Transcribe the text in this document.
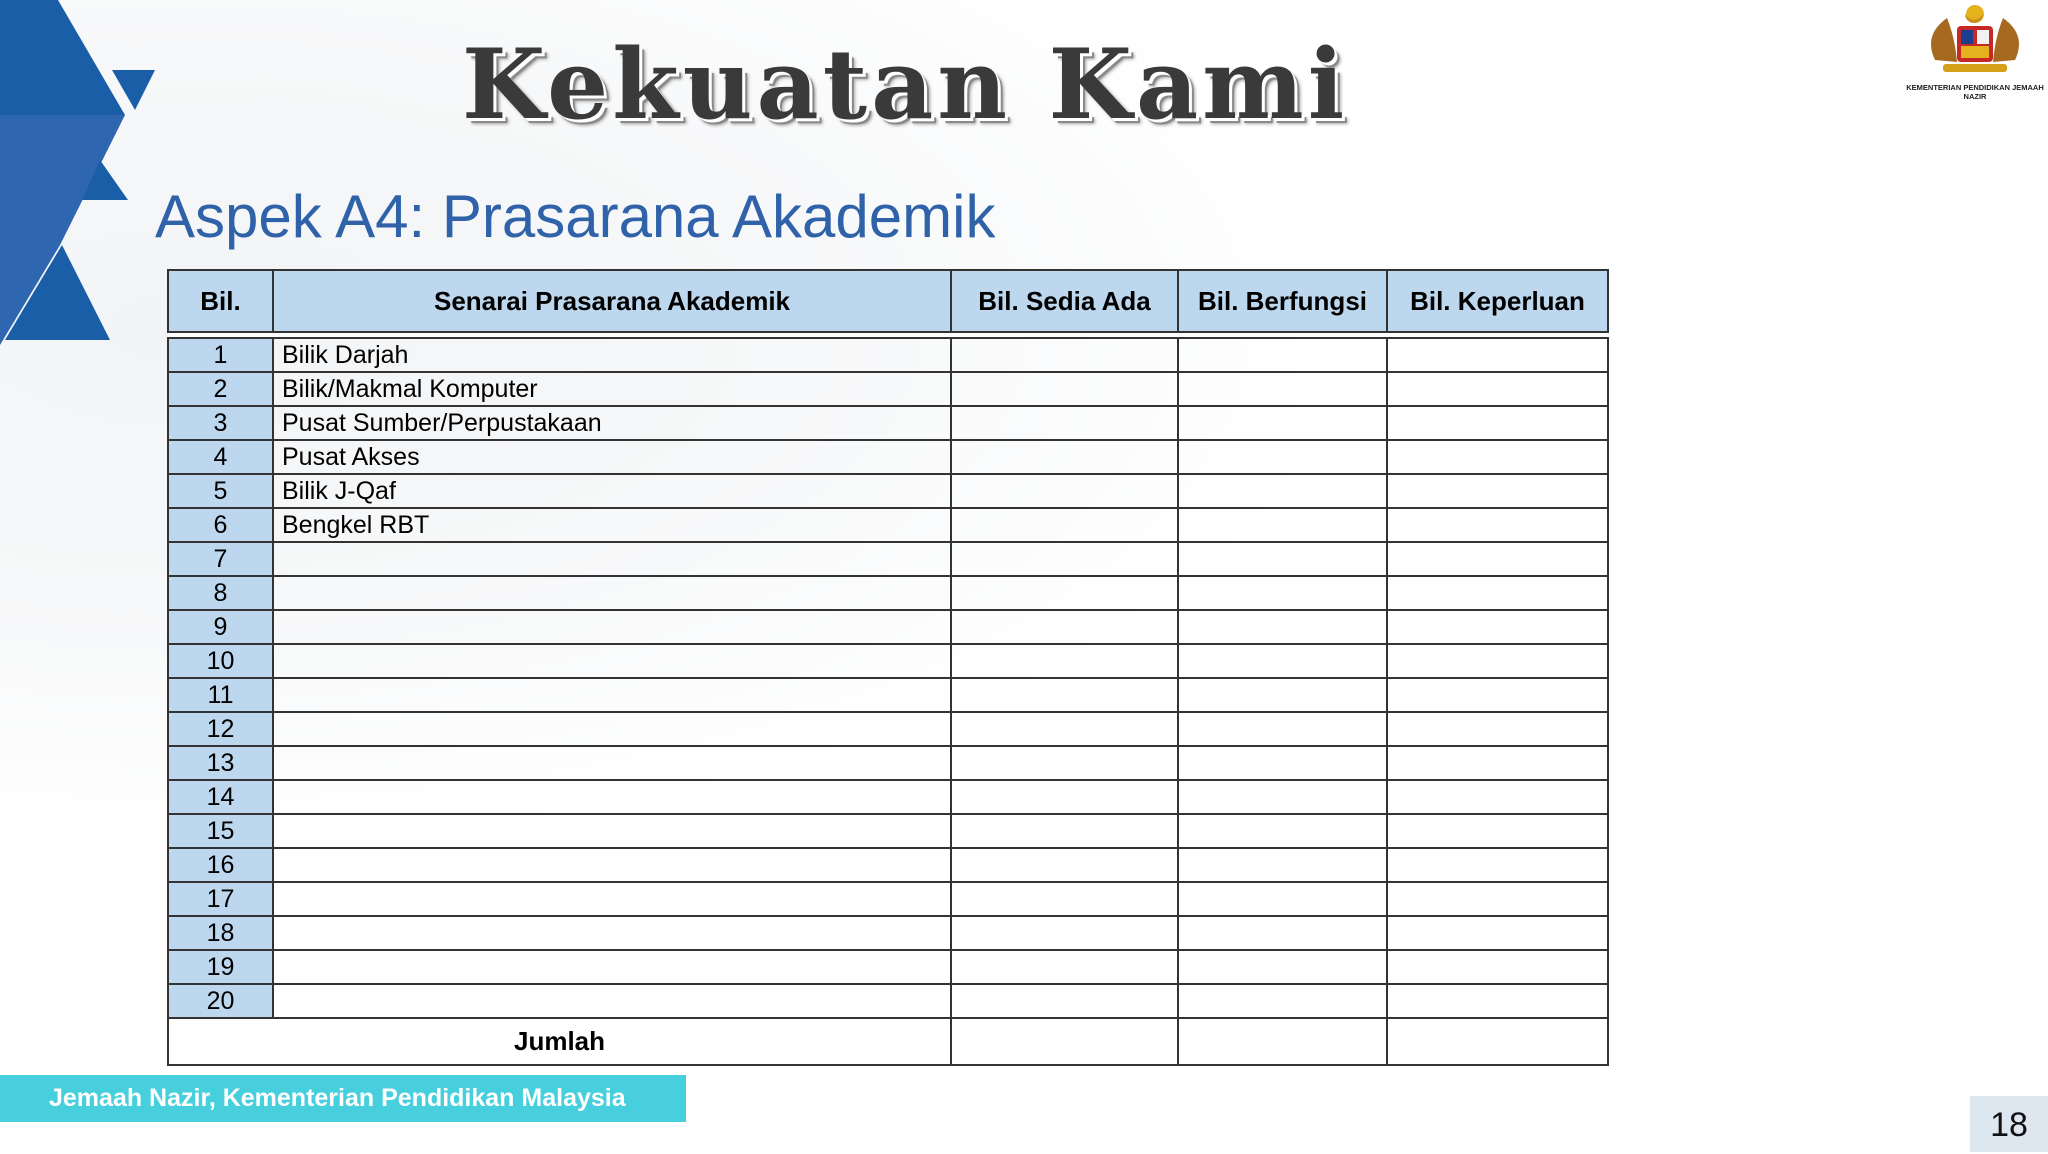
Kekuatan Kami
Aspek A4: Prasarana Akademik
KEMENTERIAN PENDIDIKAN JEMAAH NAZIR
Bil.	Senarai Prasarana Akademik	Bil. Sedia Ada	Bil. Berfungsi	Bil. Keperluan

1	Bilik Darjah			
2	Bilik/Makmal Komputer			
3	Pusat Sumber/Perpustakaan			
4	Pusat Akses			
5	Bilik J-Qaf			
6	Bengkel RBT			
7				
8				
9				
10				
11				
12				
13				
14				
15				
16				
17				
18				
19				
20				
Jumlah				
Jemaah Nazir, Kementerian Pendidikan Malaysia
18
